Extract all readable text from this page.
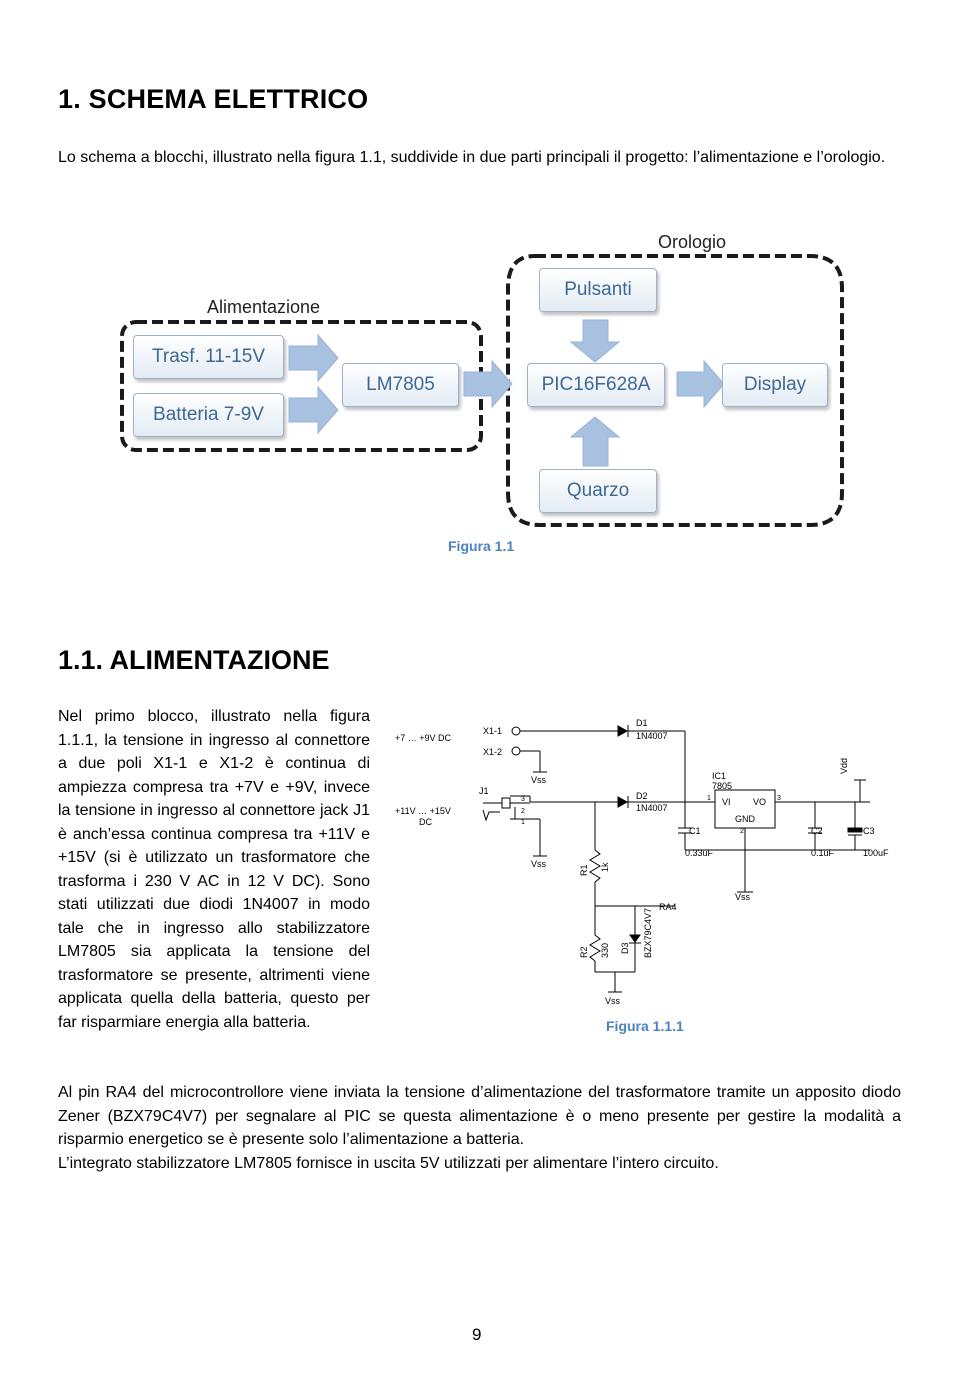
1. SCHEMA ELETTRICO
Lo schema a blocchi, illustrato nella figura 1.1, suddivide in due parti principali il progetto: l’alimentazione e l’orologio.
Alimentazione
Orologio
Trasf. 11-15V
Batteria 7-9V
LM7805	PIC16F628A	Display
Pulsanti
Quarzo
Figura 1.1
1.1. ALIMENTAZIONE
Nel primo blocco, illustrato nella figura 1.1.1, la tensione in ingresso al connettore a due poli X1-1 e X1-2 è continua di ampiezza compresa tra +7V e +9V, invece la tensione in ingresso al connettore jack J1 è anch’essa continua compresa tra +11V e +15V (si è utilizzato un trasformatore che trasforma i 230 V AC in 12 V DC). Sono stati utilizzati due diodi 1N4007 in modo tale che in ingresso allo stabilizzatore LM7805 sia applicata la tensione del trasformatore se presente, altrimenti viene applicata quella della batteria, questo per far risparmiare energia alla batteria.
+7 … +9V DC
+11V … +15V
DC
X1-1
X1-2
J1
3
2
1
Vss
Vss
D1
1N4007
D2
1N4007
IC1
7805
VI VO
GND
1
2
3
C1
0.33uF
C2
0.1uF
C3
100uF
Vdd
R1 1k
R2 330 D3 BZX79C4V7
RA4
Vss
Vss
Figura 1.1.1
Al pin RA4 del microcontrollore viene inviata la tensione d’alimentazione del trasformatore tramite un apposito diodo Zener (BZX79C4V7) per segnalare al PIC se questa alimentazione è o meno presente per gestire la modalità a risparmio energetico se è presente solo l’alimentazione a batteria.
L’integrato stabilizzatore LM7805 fornisce in uscita 5V utilizzati per alimentare l’intero circuito.
9
